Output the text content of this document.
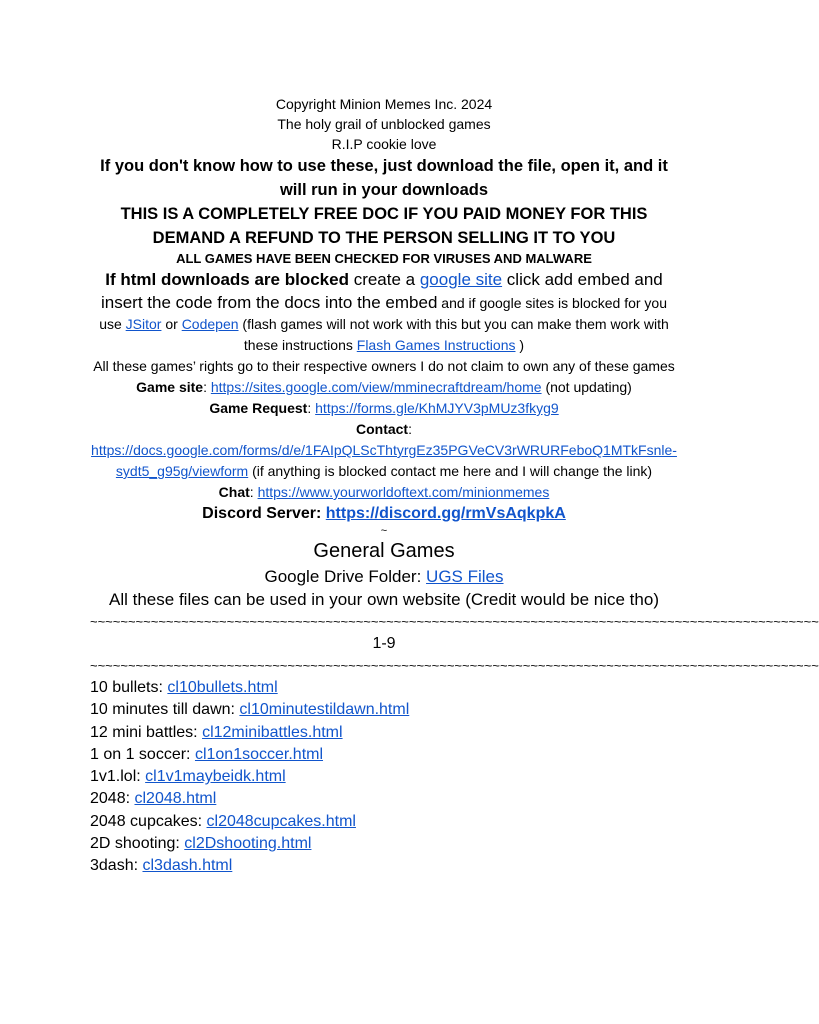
Copyright Minion Memes Inc. 2024

The holy grail of unblocked games

R.I.P cookie love

If you don't know how to use these, just download the file, open it, and it will run in your downloads

THIS IS A COMPLETELY FREE DOC IF YOU PAID MONEY FOR THIS DEMAND A REFUND TO THE PERSON SELLING IT TO YOU

ALL GAMES HAVE BEEN CHECKED FOR VIRUSES AND MALWARE

If html downloads are blocked create a google site click add embed and insert the code from the docs into the embed and if google sites is blocked for you use JSitor or Codepen (flash games will not work with this but you can make them work with these instructions Flash Games Instructions )

All these games’ rights go to their respective owners I do not claim to own any of these games

Game site: https://sites.google.com/view/mminecraftdream/home (not updating)

Game Request: https://forms.gle/KhMJYV3pMUz3fkyg9

Contact:

https://docs.google.com/forms/d/e/1FAIpQLScThtyrgEz35PGVeCV3rWRURFeboQ1MTkFsnle-sydt5_g95g/viewform (if anything is blocked contact me here and I will change the link)

Chat: https://www.yourworldoftext.com/minionmemes

Discord Server: https://discord.gg/rmVsAqkpkA

~

General Games

Google Drive Folder: UGS Files

All these files can be used in your own website (Credit would be nice tho)

~~~~~~~~~~~~~~~~~~~~~~~~~~~~~~~~~~~~~~~~~~~~~~~~~~~~~~~~~~~~~~~~~~~~~~~~~~~~~~~~~~~~~~~~~~~~~~~~

1-9

~~~~~~~~~~~~~~~~~~~~~~~~~~~~~~~~~~~~~~~~~~~~~~~~~~~~~~~~~~~~~~~~~~~~~~~~~~~~~~~~~~~~~~~~~~~~~~~~

10 bullets: cl10bullets.html

10 minutes till dawn: cl10minutestildawn.html

12 mini battles: cl12minibattles.html

1 on 1 soccer: cl1on1soccer.html

1v1.lol: cl1v1maybeidk.html

2048: cl2048.html

2048 cupcakes: cl2048cupcakes.html

2D shooting: cl2Dshooting.html

3dash: cl3dash.html
